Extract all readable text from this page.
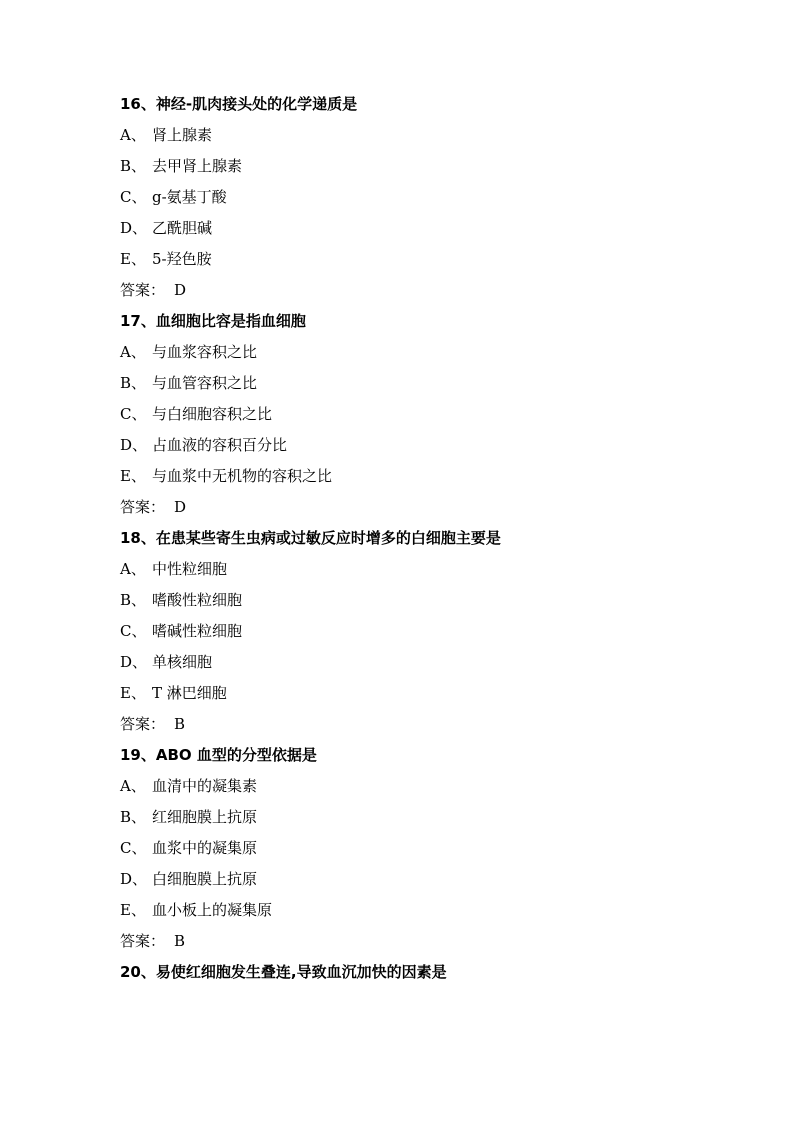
16、神经-肌肉接头处的化学递质是
A、 肾上腺素
B、 去甲肾上腺素
C、 g-氨基丁酸
D、 乙酰胆碱
E、 5-羟色胺
答案： D
17、血细胞比容是指血细胞
A、 与血浆容积之比
B、 与血管容积之比
C、 与白细胞容积之比
D、 占血液的容积百分比
E、 与血浆中无机物的容积之比
答案： D
18、在患某些寄生虫病或过敏反应时增多的白细胞主要是
A、 中性粒细胞
B、 嗜酸性粒细胞
C、 嗜碱性粒细胞
D、 单核细胞
E、 T 淋巴细胞
答案： B
19、ABO 血型的分型依据是
A、 血清中的凝集素
B、 红细胞膜上抗原
C、 血浆中的凝集原
D、 白细胞膜上抗原
E、 血小板上的凝集原
答案： B
20、易使红细胞发生叠连,导致血沉加快的因素是
